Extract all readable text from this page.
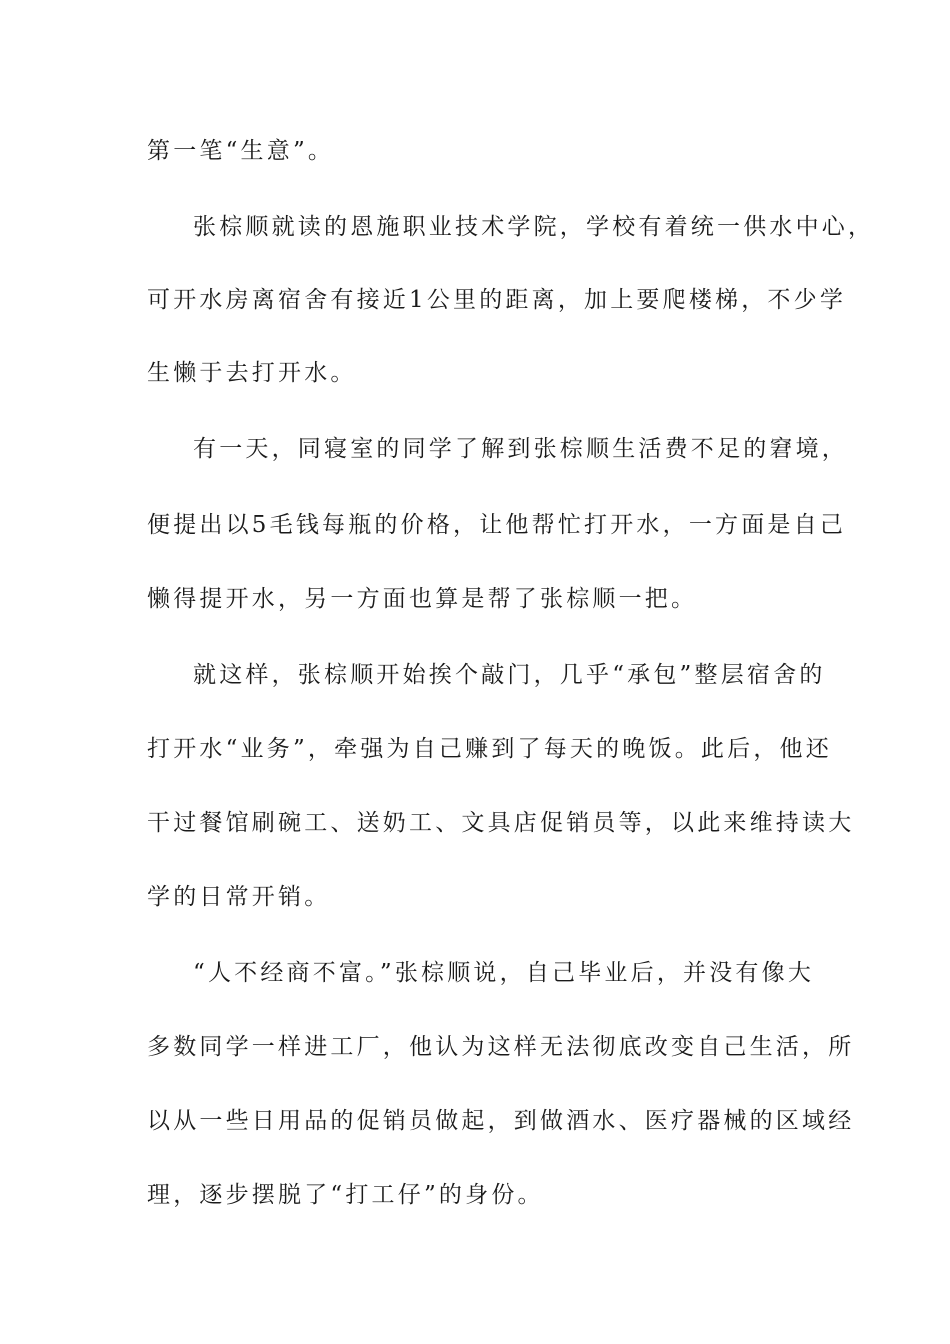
第一笔“生意”。
张棕顺就读的恩施职业技术学院，学校有着统一供水中心，
可开水房离宿舍有接近1公里的距离，加上要爬楼梯，不少学
生懒于去打开水。
有一天，同寝室的同学了解到张棕顺生活费不足的窘境，
便提出以5毛钱每瓶的价格，让他帮忙打开水，一方面是自己
懒得提开水，另一方面也算是帮了张棕顺一把。
就这样，张棕顺开始挨个敲门，几乎“承包”整层宿舍的
打开水“业务”，牵强为自己赚到了每天的晚饭。此后，他还
干过餐馆刷碗工、送奶工、文具店促销员等，以此来维持读大
学的日常开销。
“人不经商不富。”张棕顺说，自己毕业后，并没有像大
多数同学一样进工厂，他认为这样无法彻底改变自己生活，所
以从一些日用品的促销员做起，到做酒水、医疗器械的区域经
理，逐步摆脱了“打工仔”的身份。
